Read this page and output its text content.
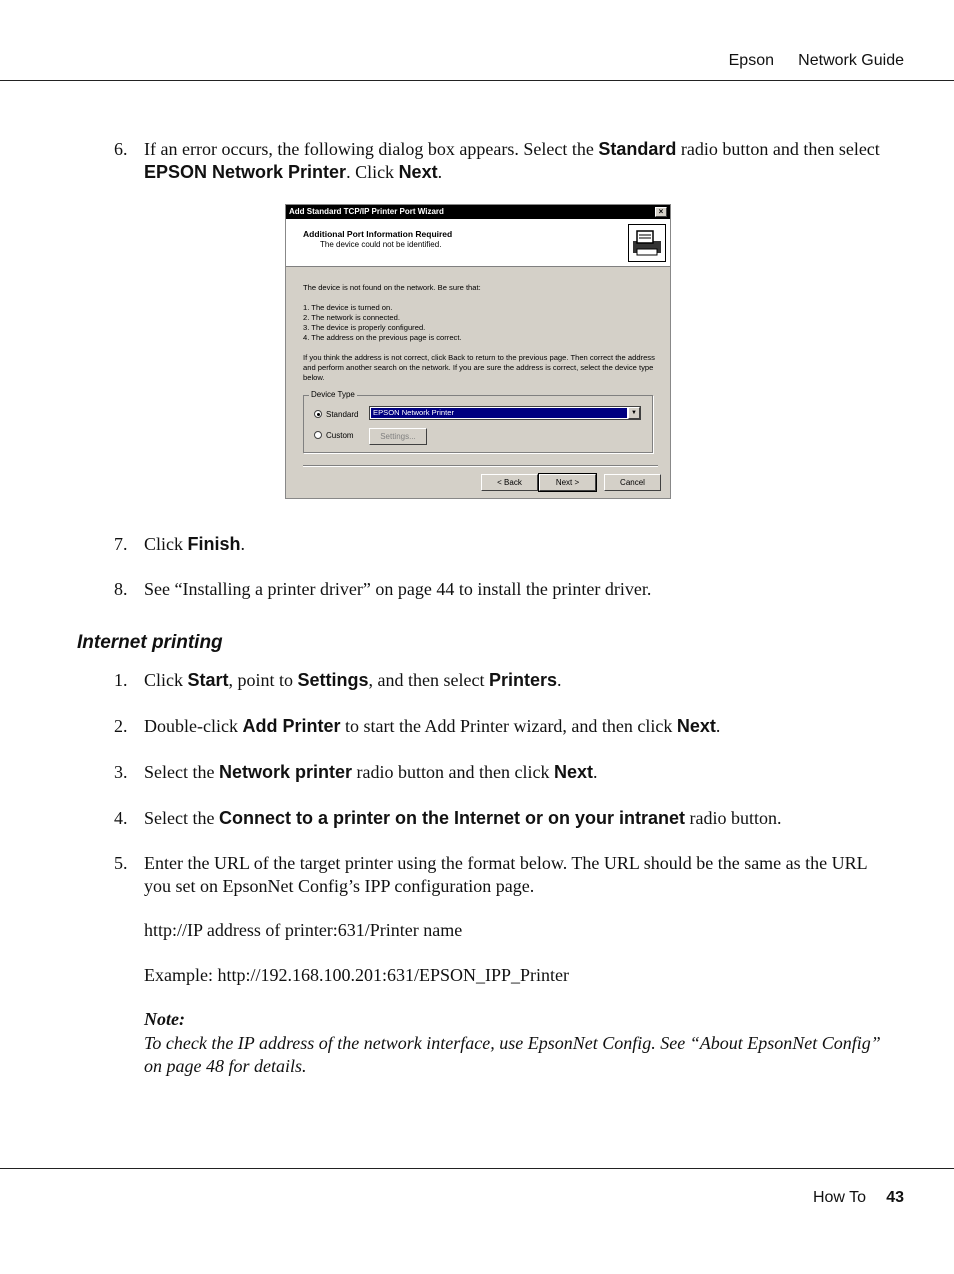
Epson Network Guide
6. If an error occurs, the following dialog box appears. Select the Standard radio button and then select EPSON Network Printer. Click Next.
Add Standard TCP/IP Printer Port Wizard	×
Additional Port Information Required
The device could not be identified.

The device is not found on the network. Be sure that:

1. The device is turned on.
2. The network is connected.
3. The device is properly configured.
4. The address on the previous page is correct.

If you think the address is not correct, click Back to return to the previous page. Then correct the address and perform another search on the network. If you are sure the address is correct, select the device type below.

Device Type
Standard EPSON Network Printer	▼
Custom	Settings...
< Back	Next >	Cancel
7. Click Finish.
8. See “Installing a printer driver” on page 44 to install the printer driver.
Internet printing
1. Click Start, point to Settings, and then select Printers.
2. Double-click Add Printer to start the Add Printer wizard, and then click Next.
3. Select the Network printer radio button and then click Next.
4. Select the Connect to a printer on the Internet or on your intranet radio button.
5. Enter the URL of the target printer using the format below. The URL should be the same as the URL you set on EpsonNet Config’s IPP configuration page.
http://IP address of printer:631/Printer name
Example: http://192.168.100.201:631/EPSON_IPP_Printer
Note:
To check the IP address of the network interface, use EpsonNet Config. See “About EpsonNet Config” on page 48 for details.
How To 43
